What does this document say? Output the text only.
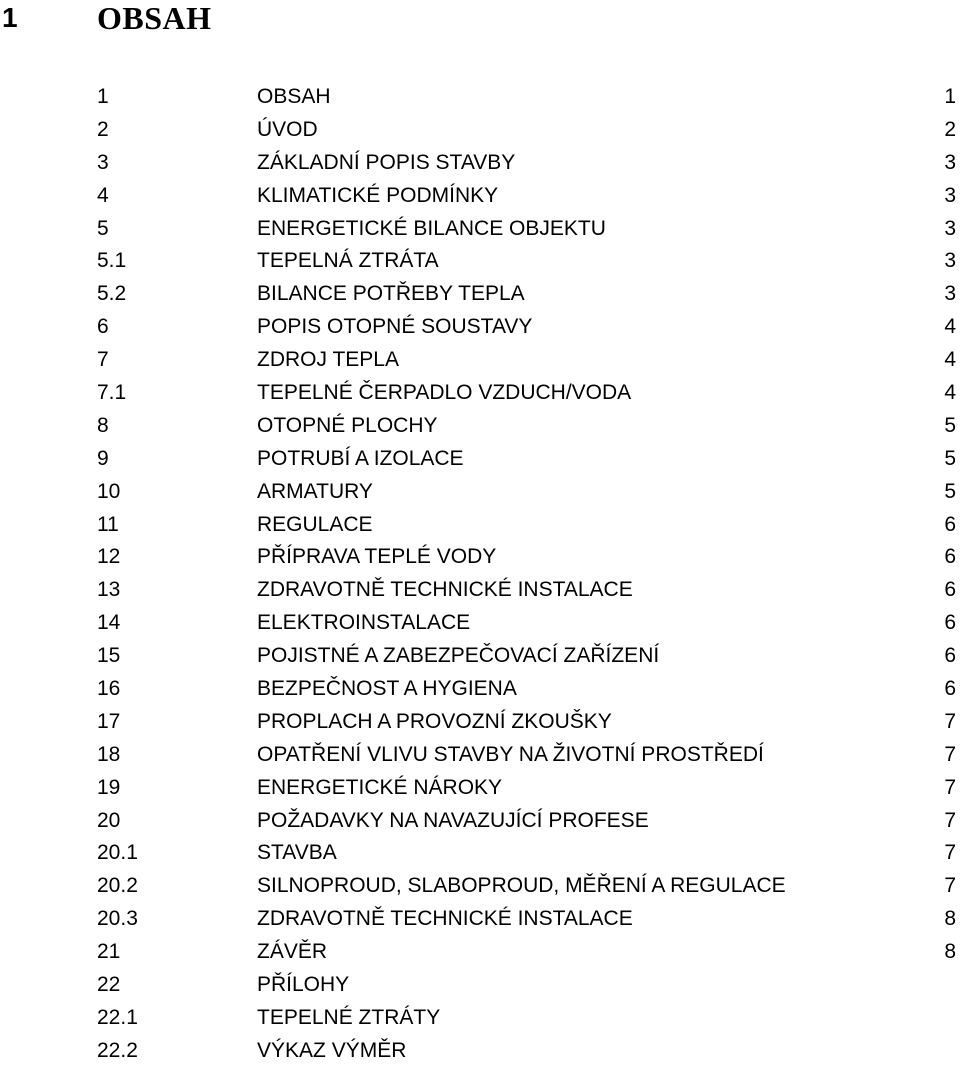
1 OBSAH
1	OBSAH	1
2	ÚVOD	2
3	ZÁKLADNÍ POPIS STAVBY	3
4	KLIMATICKÉ PODMÍNKY	3
5	ENERGETICKÉ BILANCE OBJEKTU	3
5.1	TEPELNÁ ZTRÁTA	3
5.2	BILANCE POTŘEBY TEPLA	3
6	POPIS OTOPNÉ SOUSTAVY	4
7	ZDROJ TEPLA	4
7.1	TEPELNÉ ČERPADLO VZDUCH/VODA	4
8	OTOPNÉ PLOCHY	5
9	POTRUBÍ A IZOLACE	5
10	ARMATURY	5
11	REGULACE	6
12	PŘÍPRAVA TEPLÉ VODY	6
13	ZDRAVOTNĚ TECHNICKÉ INSTALACE	6
14	ELEKTROINSTALACE	6
15	POJISTNÉ A ZABEZPEČOVACÍ ZAŘÍZENÍ	6
16	BEZPEČNOST A HYGIENA	6
17	PROPLACH A PROVOZNÍ ZKOUŠKY	7
18	OPATŘENÍ VLIVU STAVBY NA ŽIVOTNÍ PROSTŘEDÍ	7
19	ENERGETICKÉ NÁROKY	7
20	POŽADAVKY NA NAVAZUJÍCÍ PROFESE	7
20.1	STAVBA	7
20.2	SILNOPROUD, SLABOPROUD, MĚŘENÍ A REGULACE	7
20.3	ZDRAVOTNĚ TECHNICKÉ INSTALACE	8
21	ZÁVĚR	8
22	PŘÍLOHY
22.1	TEPELNÉ ZTRÁTY
22.2	VÝKAZ VÝMĚR
